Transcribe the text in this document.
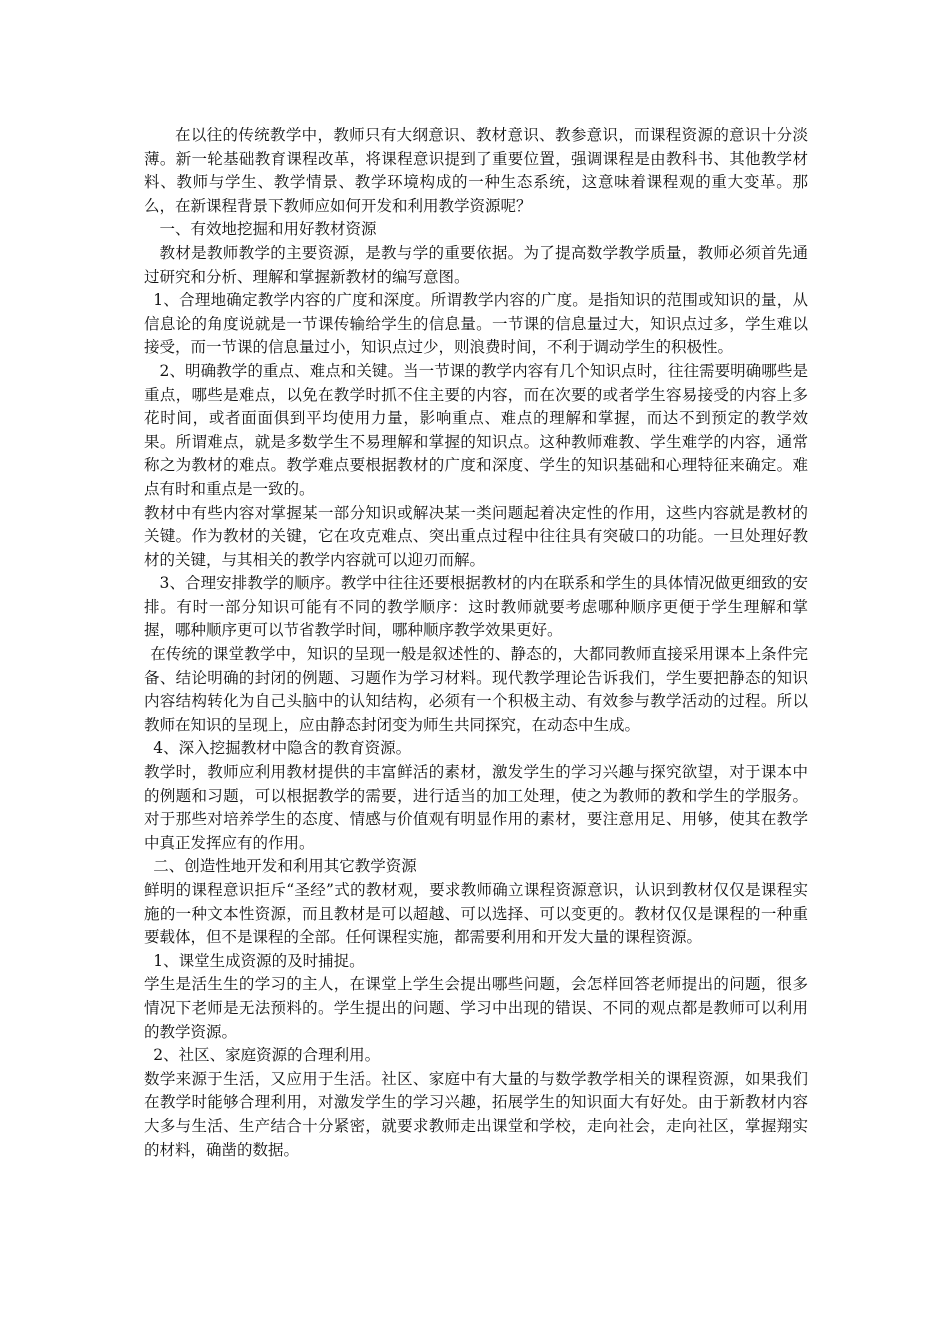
在以往的传统教学中，教师只有大纲意识、教材意识、教参意识，而课程资源的意识十分淡薄。新一轮基础教育课程改革，将课程意识提到了重要位置，强调课程是由教科书、其他教学材料、教师与学生、教学情景、教学环境构成的一种生态系统，这意味着课程观的重大变革。那么，在新课程背景下教师应如何开发和利用教学资源呢？

一、有效地挖掘和用好教材资源

教材是教师教学的主要资源，是教与学的重要依据。为了提高数学教学质量，教师必须首先通过研究和分析、理解和掌握新教材的编写意图。

1、合理地确定教学内容的广度和深度。所谓教学内容的广度。是指知识的范围或知识的量，从信息论的角度说就是一节课传输给学生的信息量。一节课的信息量过大，知识点过多，学生难以接受，而一节课的信息量过小，知识点过少，则浪费时间，不利于调动学生的积极性。

2、明确教学的重点、难点和关键。当一节课的教学内容有几个知识点时，往往需要明确哪些是重点，哪些是难点，以免在教学时抓不住主要的内容，而在次要的或者学生容易接受的内容上多花时间，或者面面俱到平均使用力量，影响重点、难点的理解和掌握，而达不到预定的教学效果。所谓难点，就是多数学生不易理解和掌握的知识点。这种教师难教、学生难学的内容，通常称之为教材的难点。教学难点要根据教材的广度和深度、学生的知识基础和心理特征来确定。难点有时和重点是一致的。

教材中有些内容对掌握某一部分知识或解决某一类问题起着决定性的作用，这些内容就是教材的关键。作为教材的关键，它在攻克难点、突出重点过程中往往具有突破口的功能。一旦处理好教材的关键，与其相关的教学内容就可以迎刃而解。

3、合理安排教学的顺序。教学中往往还要根据教材的内在联系和学生的具体情况做更细致的安排。有时一部分知识可能有不同的教学顺序：这时教师就要考虑哪种顺序更便于学生理解和掌握，哪种顺序更可以节省教学时间，哪种顺序教学效果更好。

在传统的课堂教学中，知识的呈现一般是叙述性的、静态的，大都同教师直接采用课本上条件完备、结论明确的封闭的例题、习题作为学习材料。现代教学理论告诉我们，学生要把静态的知识内容结构转化为自己头脑中的认知结构，必须有一个积极主动、有效参与教学活动的过程。所以教师在知识的呈现上，应由静态封闭变为师生共同探究，在动态中生成。

4、深入挖掘教材中隐含的教育资源。

教学时，教师应利用教材提供的丰富鲜活的素材，激发学生的学习兴趣与探究欲望，对于课本中的例题和习题，可以根据教学的需要，进行适当的加工处理，使之为教师的教和学生的学服务。对于那些对培养学生的态度、情感与价值观有明显作用的素材，要注意用足、用够，使其在教学中真正发挥应有的作用。

二、创造性地开发和利用其它教学资源

鲜明的课程意识拒斥“圣经”式的教材观，要求教师确立课程资源意识，认识到教材仅仅是课程实施的一种文本性资源，而且教材是可以超越、可以选择、可以变更的。教材仅仅是课程的一种重要载体，但不是课程的全部。任何课程实施，都需要利用和开发大量的课程资源。

1、课堂生成资源的及时捕捉。

学生是活生生的学习的主人，在课堂上学生会提出哪些问题，会怎样回答老师提出的问题，很多情况下老师是无法预料的。学生提出的问题、学习中出现的错误、不同的观点都是教师可以利用的教学资源。

2、社区、家庭资源的合理利用。

数学来源于生活，又应用于生活。社区、家庭中有大量的与数学教学相关的课程资源，如果我们在教学时能够合理利用，对激发学生的学习兴趣，拓展学生的知识面大有好处。由于新教材内容大多与生活、生产结合十分紧密，就要求教师走出课堂和学校，走向社会，走向社区，掌握翔实的材料，确凿的数据。
